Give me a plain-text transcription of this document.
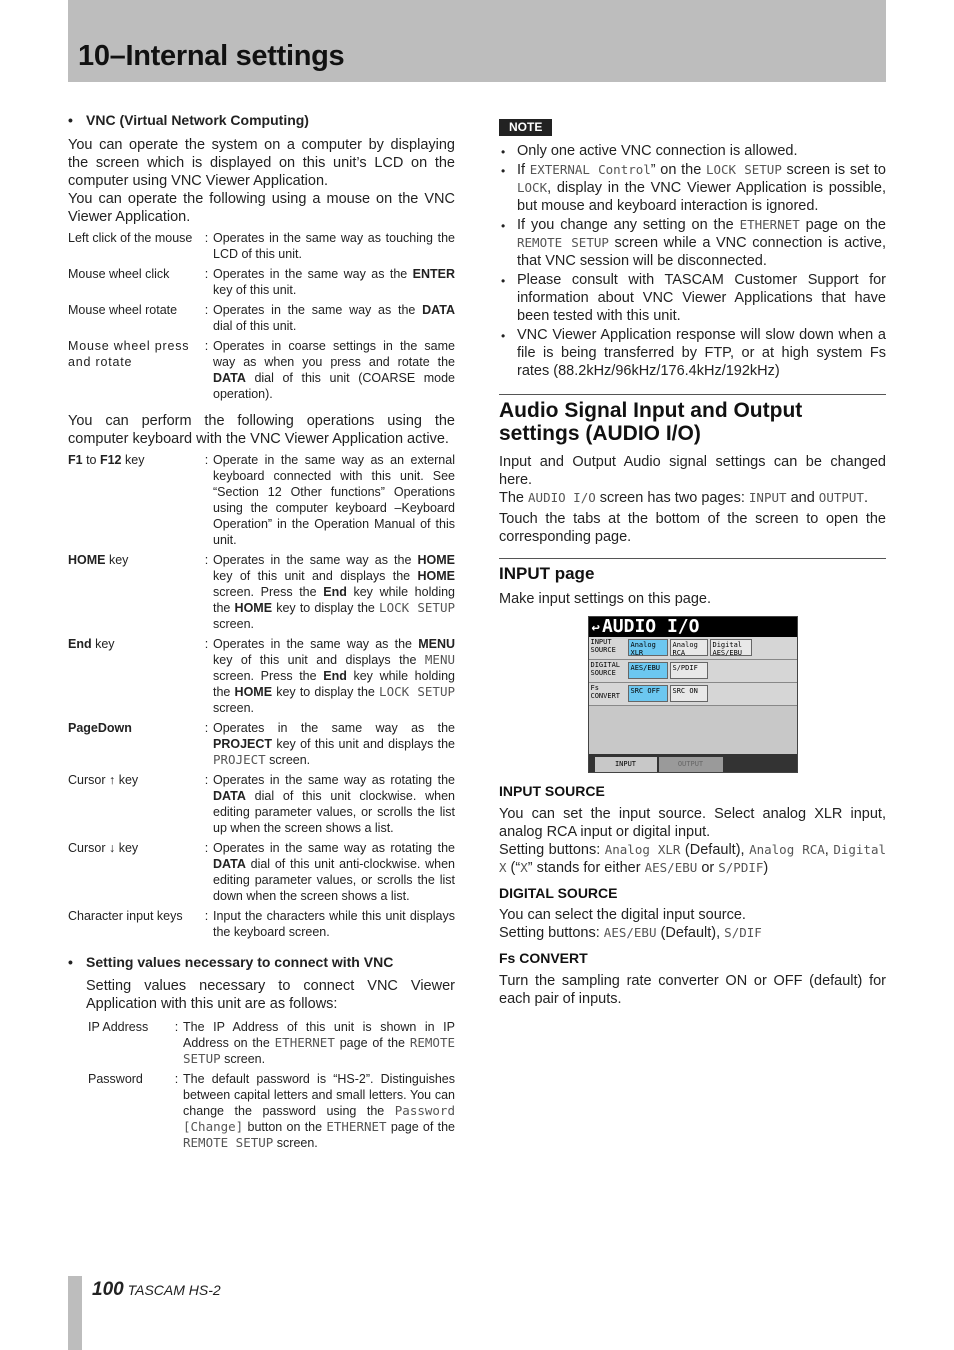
10–Internal settings
• VNC (Virtual Network Computing)

You can operate the system on a computer by displaying the screen which is displayed on this unit’s LCD on the computer using VNC Viewer Application.

You can operate the following using a mouse on the VNC Viewer Application.

Left click of the mouse	:	Operates in the same way as touching the LCD of this unit.
Mouse wheel click	:	Operates in the same way as the ENTER key of this unit.
Mouse wheel rotate	:	Operates in the same way as the DATA dial of this unit.
Mouse wheel press and rotate	:	Operates in coarse settings in the same way as when you press and rotate the DATA dial of this unit (COARSE mode operation).

You can perform the following operations using the computer keyboard with the VNC Viewer Application active.

F1 to F12 key	:	Operate in the same way as an external keyboard connected with this unit. See “Section 12 Other functions” Operations using the computer keyboard –Keyboard Operation” in the Operation Manual of this unit.
HOME key	:	Operates in the same way as the HOME key of this unit and displays the HOME screen. Press the End key while holding the HOME key to display the LOCK SETUP screen.
End key	:	Operates in the same way as the MENU key of this unit and displays the MENU screen. Press the End key while holding the HOME key to display the LOCK SETUP screen.
PageDown	:	Operates in the same way as the PROJECT key of this unit and displays the PROJECT screen.
Cursor ↑ key	:	Operates in the same way as rotating the DATA dial of this unit clockwise. when editing parameter values, or scrolls the list up when the screen shows a list.
Cursor ↓ key	:	Operates in the same way as rotating the DATA dial of this unit anti-clockwise. when editing parameter values, or scrolls the list down when the screen shows a list.
Character input keys	:	Input the characters while this unit displays the keyboard screen.
• Setting values necessary to connect with VNC

Setting values necessary to connect VNC Viewer Application with this unit are as follows:

IP Address	:	The IP Address of this unit is shown in IP Address on the ETHERNET page of the REMOTE SETUP screen.
Password	:	The default password is “HS-2”. Distinguishes between capital letters and small letters. You can change the password using the Password [Change] button on the ETHERNET page of the REMOTE SETUP screen.
NOTE
• Only one active VNC connection is allowed.
• If EXTERNAL Control” on the LOCK SETUP screen is set to LOCK, display in the VNC Viewer Application is possible, but mouse and keyboard interaction is ignored.
• If you change any setting on the ETHERNET page on the REMOTE SETUP screen while a VNC connection is active, that VNC session will be disconnected.
• Please consult with TASCAM Customer Support for information about VNC Viewer Applications that have been tested with this unit.
• VNC Viewer Application response will slow down when a file is being transferred by FTP, or at high system Fs rates (88.2kHz/96kHz/176.4kHz/192kHz)
Audio Signal Input and Output settings (AUDIO I/O)

Input and Output Audio signal settings can be changed here.

The AUDIO I/O screen has two pages: INPUT and OUTPUT.

Touch the tabs at the bottom of the screen to open the corresponding page.

INPUT page

Make input settings on this page.

↩ AUDIO I/O
INPUT SOURCE
Analog XLR
Analog RCA
Digital AES/EBU
DIGITAL SOURCE
AES/EBU	S/PDIF
Fs CONVERT
SRC OFF	SRC ON
INPUT	OUTPUT
INPUT SOURCE

You can set the input source. Select analog XLR input, analog RCA input or digital input.

Setting buttons: Analog XLR (Default), Analog RCA, Digital X (“X” stands for either AES/EBU or S/PDIF)

DIGITAL SOURCE

You can select the digital input source.

Setting buttons: AES/EBU (Default), S/DIF

Fs CONVERT

Turn the sampling rate converter ON or OFF (default) for each pair of inputs.

100 TASCAM HS-2
